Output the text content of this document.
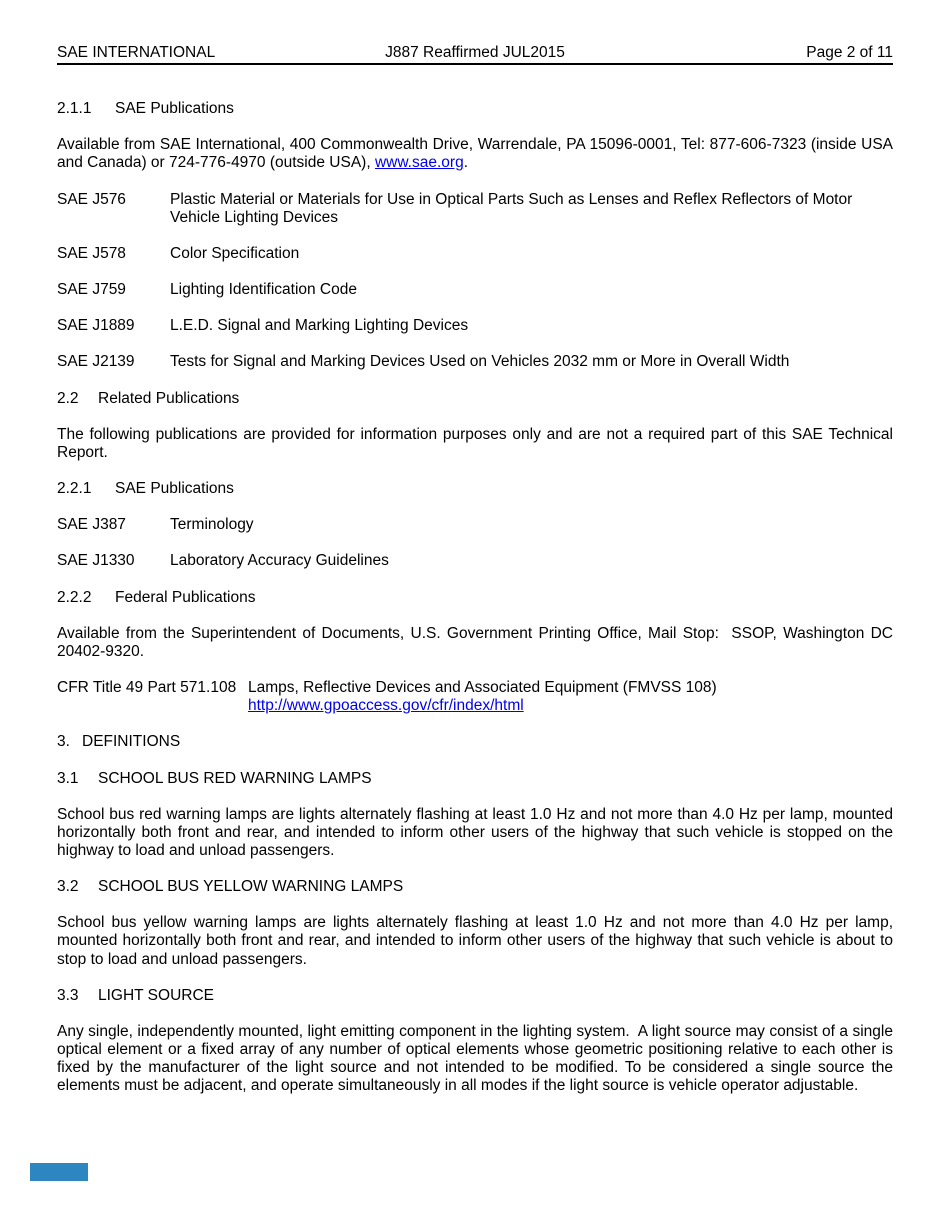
SAE INTERNATIONAL	J887 Reaffirmed JUL2015	Page 2 of 11
2.1.1 SAE Publications

Available from SAE International, 400 Commonwealth Drive, Warrendale, PA 15096-0001, Tel: 877-606-7323 (inside USA and Canada) or 724-776-4970 (outside USA), www.sae.org.

SAE J576	Plastic Material or Materials for Use in Optical Parts Such as Lenses and Reflex Reflectors of Motor Vehicle Lighting Devices
SAE J578	Color Specification
SAE J759	Lighting Identification Code
SAE J1889	L.E.D. Signal and Marking Lighting Devices
SAE J2139	Tests for Signal and Marking Devices Used on Vehicles 2032 mm or More in Overall Width
2.2 Related Publications

The following publications are provided for information purposes only and are not a required part of this SAE Technical Report.

2.2.1 SAE Publications
SAE J387	Terminology
SAE J1330	Laboratory Accuracy Guidelines
2.2.2 Federal Publications

Available from the Superintendent of Documents, U.S. Government Printing Office, Mail Stop:  SSOP, Washington DC 20402-9320.

CFR Title 49 Part 571.108 Lamps, Reflective Devices and Associated Equipment (FMVSS 108)
http://www.gpoaccess.gov/cfr/index/html
3. DEFINITIONS
3.1 SCHOOL BUS RED WARNING LAMPS

School bus red warning lamps are lights alternately flashing at least 1.0 Hz and not more than 4.0 Hz per lamp, mounted horizontally both front and rear, and intended to inform other users of the highway that such vehicle is stopped on the highway to load and unload passengers.

3.2 SCHOOL BUS YELLOW WARNING LAMPS

School bus yellow warning lamps are lights alternately flashing at least 1.0 Hz and not more than 4.0 Hz per lamp, mounted horizontally both front and rear, and intended to inform other users of the highway that such vehicle is about to stop to load and unload passengers.

3.3 LIGHT SOURCE

Any single, independently mounted, light emitting component in the lighting system.  A light source may consist of a single optical element or a fixed array of any number of optical elements whose geometric positioning relative to each other is fixed by the manufacturer of the light source and not intended to be modified. To be considered a single source the elements must be adjacent, and operate simultaneously in all modes if the light source is vehicle operator adjustable.
